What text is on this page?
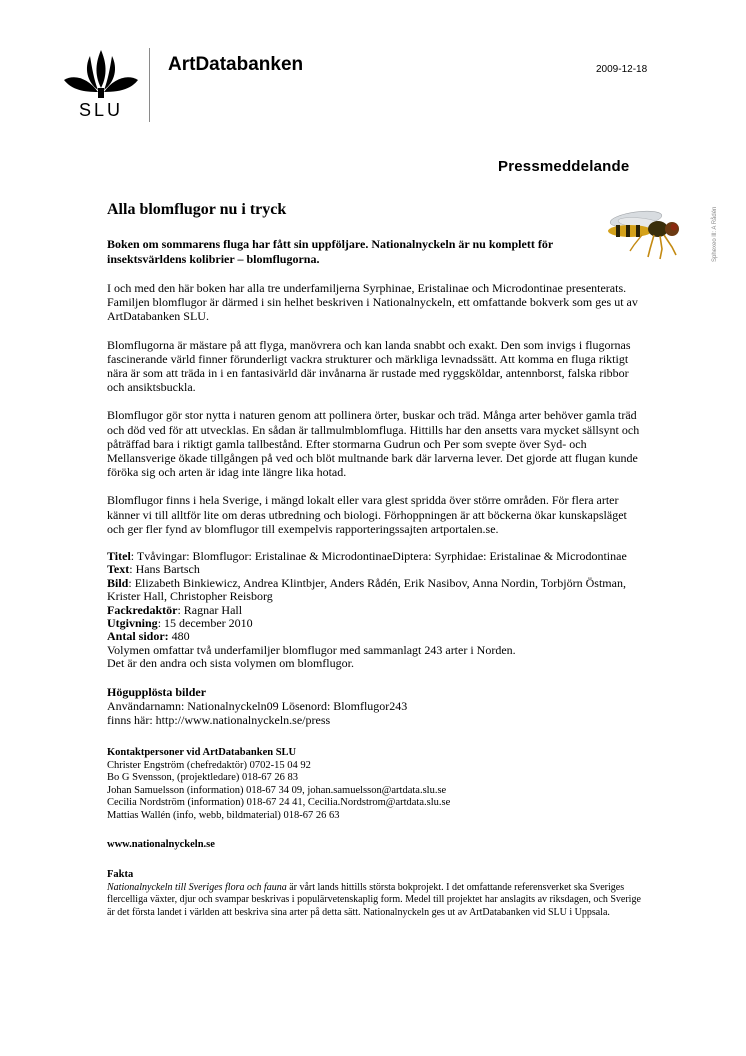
SLU
ArtDatabanken	2009-12-18
Pressmeddelande
Sphexeo lll: A Rådén
Alla blomflugor nu i tryck
Boken om sommarens fluga har fått sin uppföljare. Nationalnyckeln är nu komplett för insektsvärldens kolibrier – blomflugorna.

I och med den här boken har alla tre underfamiljerna Syrphinae, Eristalinae och Microdontinae presenterats. Familjen blomflugor är därmed i sin helhet beskriven i Nationalnyckeln, ett omfattande bokverk som ges ut av ArtDatabanken SLU.

Blomflugorna är mästare på att flyga, manövrera och kan landa snabbt och exakt. Den som invigs i flugornas fascinerande värld finner förunderligt vackra strukturer och märkliga levnadssätt. Att komma en fluga riktigt nära är som att träda in i en fantasivärld där invånarna är rustade med ryggsköldar, antennborst, falska ribbor och ansiktsbuckla.

Blomflugor gör stor nytta i naturen genom att pollinera örter, buskar och träd. Många arter behöver gamla träd och död ved för att utvecklas. En sådan är tallmulmblomfluga. Hittills har den ansetts vara mycket sällsynt och påträffad bara i riktigt gamla tallbestånd. Efter stormarna Gudrun och Per som svepte över Syd- och Mellansverige ökade tillgången på ved och blöt multnande bark där larverna lever. Det gjorde att flugan kunde föröka sig och arten är idag inte längre lika hotad.

Blomflugor finns i hela Sverige, i mängd lokalt eller vara glest spridda över större områden. För flera arter känner vi till alltför lite om deras utbredning och biologi. Förhoppningen är att böckerna ökar kunskapsläget och ger fler fynd av blomflugor till exempelvis rapporteringssajten artportalen.se.

Titel: Tvåvingar: Blomflugor: Eristalinae & MicrodontinaeDiptera: Syrphidae: Eristalinae & Microdontinae
Text: Hans Bartsch
Bild: Elizabeth Binkiewicz, Andrea Klintbjer, Anders Rådén, Erik Nasibov, Anna Nordin, Torbjörn Östman, Krister Hall, Christopher Reisborg
Fackredaktör: Ragnar Hall
Utgivning: 15 december 2010
Antal sidor: 480
Volymen omfattar två underfamiljer blomflugor med sammanlagt 243 arter i Norden.
Det är den andra och sista volymen om blomflugor.
Högupplösta bilder
Användarnamn: Nationalnyckeln09 Lösenord: Blomflugor243
finns här: http://www.nationalnyckeln.se/press
Kontaktpersoner vid ArtDatabanken SLU
Christer Engström (chefredaktör) 0702-15 04 92
Bo G Svensson, (projektledare) 018-67 26 83
Johan Samuelsson (information) 018-67 34 09, johan.samuelsson@artdata.slu.se
Cecilia Nordström (information) 018-67 24 41, Cecilia.Nordstrom@artdata.slu.se
Mattias Wallén (info, webb, bildmaterial) 018-67 26 63
www.nationalnyckeln.se
Fakta
Nationalnyckeln till Sveriges flora och fauna är vårt lands hittills största bokprojekt. I det omfattande referensverket ska Sveriges flercelliga växter, djur och svampar beskrivas i populärvetenskaplig form. Medel till projektet har anslagits av riksdagen, och Sverige är det första landet i världen att beskriva sina arter på detta sätt. Nationalnyckeln ges ut av ArtDatabanken vid SLU i Uppsala.
